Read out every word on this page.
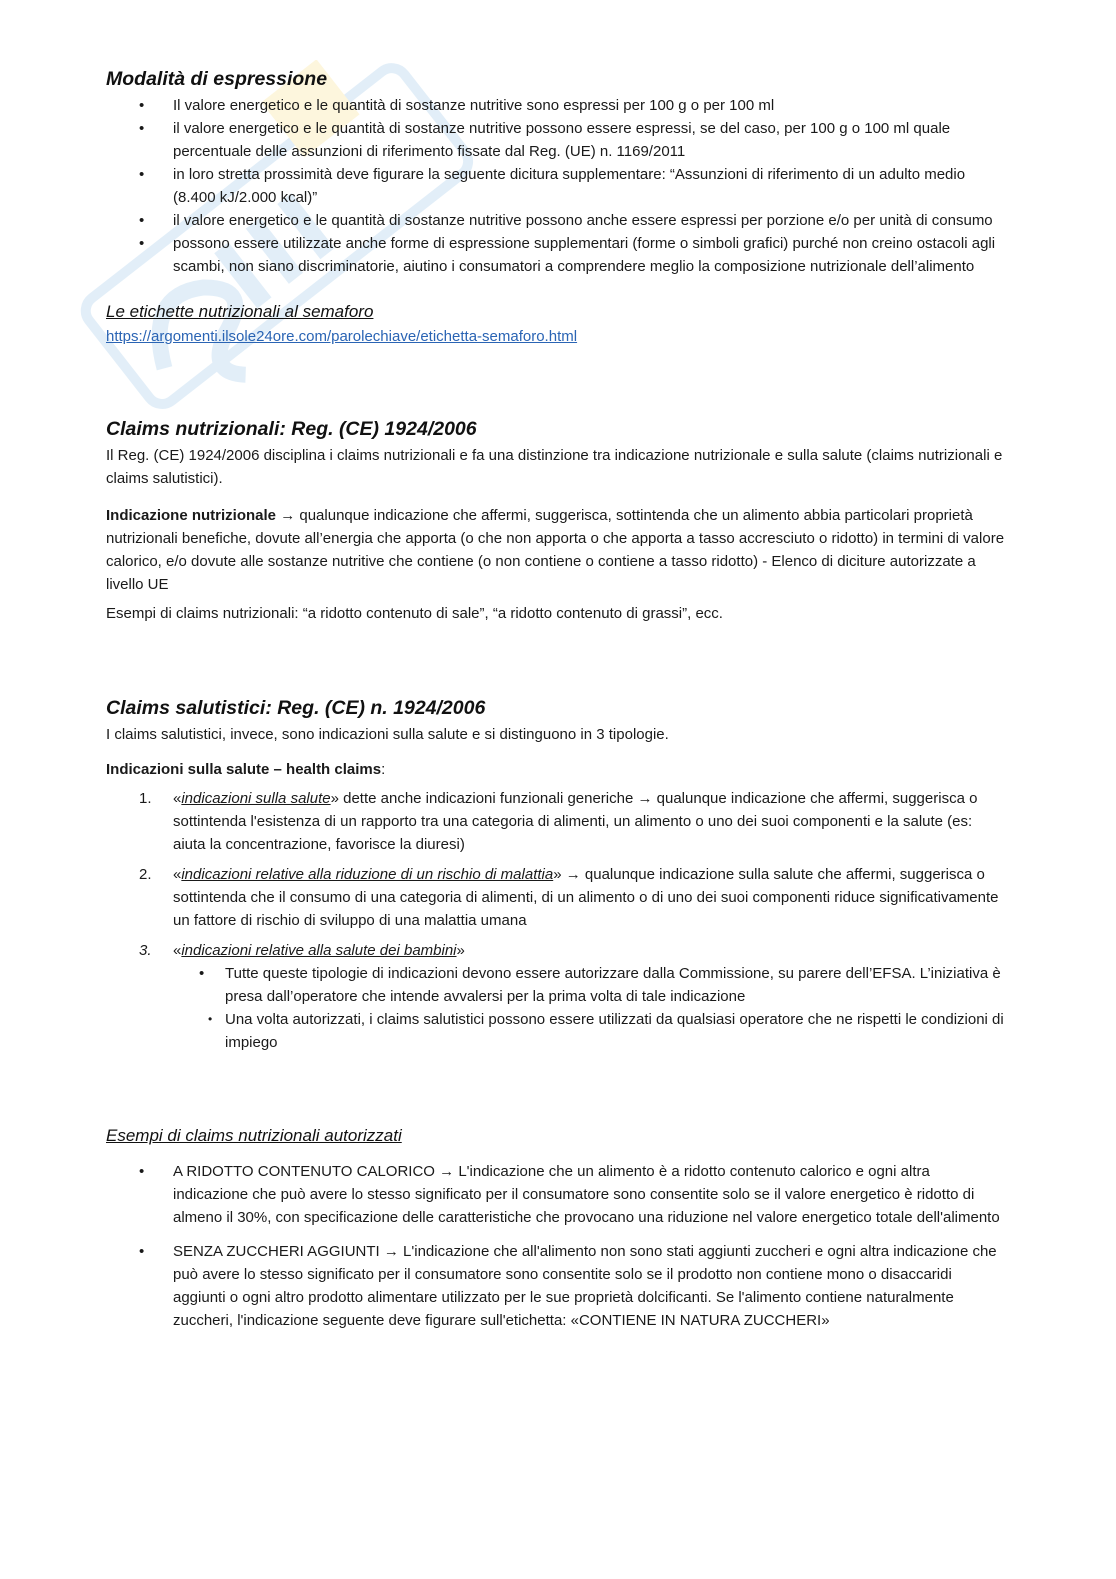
Modalità di espressione
• Il valore energetico e le quantità di sostanze nutritive sono espressi per 100 g o per 100 ml
• il valore energetico e le quantità di sostanze nutritive possono essere espressi, se del caso, per 100 g o 100 ml quale percentuale delle assunzioni di riferimento fissate dal Reg. (UE) n. 1169/2011
• in loro stretta prossimità deve figurare la seguente dicitura supplementare: “Assunzioni di riferimento di un adulto medio (8.400 kJ/2.000 kcal)”
• il valore energetico e le quantità di sostanze nutritive possono anche essere espressi per porzione e/o per unità di consumo
• possono essere utilizzate anche forme di espressione supplementari (forme o simboli grafici) purché non creino ostacoli agli scambi, non siano discriminatorie, aiutino i consumatori a comprendere meglio la composizione nutrizionale dell’alimento

Le etichette nutrizionali al semaforo

https://argomenti.ilsole24ore.com/parolechiave/etichetta-semaforo.html

Claims nutrizionali: Reg. (CE) 1924/2006

Il Reg. (CE) 1924/2006 disciplina i claims nutrizionali e fa una distinzione tra indicazione nutrizionale e sulla salute (claims nutrizionali e claims salutistici).

Indicazione nutrizionale → qualunque indicazione che affermi, suggerisca, sottintenda che un alimento abbia particolari proprietà nutrizionali benefiche, dovute all’energia che apporta (o che non apporta o che apporta a tasso accresciuto o ridotto) in termini di valore calorico, e/o dovute alle sostanze nutritive che contiene (o non contiene o contiene a tasso ridotto) - Elenco di diciture autorizzate a livello UE

Esempi di claims nutrizionali: “a ridotto contenuto di sale”, “a ridotto contenuto di grassi”, ecc.

Claims salutistici: Reg. (CE) n. 1924/2006

I claims salutistici, invece, sono indicazioni sulla salute e si distinguono in 3 tipologie.

Indicazioni sulla salute – health claims:

1. «indicazioni sulla salute» dette anche indicazioni funzionali generiche → qualunque indicazione che affermi, suggerisca o sottintenda l'esistenza di un rapporto tra una categoria di alimenti, un alimento o uno dei suoi componenti e la salute (es: aiuta la concentrazione, favorisce la diuresi)
2. «indicazioni relative alla riduzione di un rischio di malattia» → qualunque indicazione sulla salute che affermi, suggerisca o sottintenda che il consumo di una categoria di alimenti, di un alimento o di uno dei suoi componenti riduce significativamente un fattore di rischio di sviluppo di una malattia umana
3. «indicazioni relative alla salute dei bambini»
• Tutte queste tipologie di indicazioni devono essere autorizzare dalla Commissione, su parere dell’EFSA. L’iniziativa è presa dall’operatore che intende avvalersi per la prima volta di tale indicazione
• Una volta autorizzati, i claims salutistici possono essere utilizzati da qualsiasi operatore che ne rispetti le condizioni di impiego

Esempi di claims nutrizionali autorizzati

• A RIDOTTO CONTENUTO CALORICO → L'indicazione che un alimento è a ridotto contenuto calorico e ogni altra indicazione che può avere lo stesso significato per il consumatore sono consentite solo se il valore energetico è ridotto di almeno il 30%, con specificazione delle caratteristiche che provocano una riduzione nel valore energetico totale dell'alimento
• SENZA ZUCCHERI AGGIUNTI → L'indicazione che all'alimento non sono stati aggiunti zuccheri e ogni altra indicazione che può avere lo stesso significato per il consumatore sono consentite solo se il prodotto non contiene mono o disaccaridi aggiunti o ogni altro prodotto alimentare utilizzato per le sue proprietà dolcificanti. Se l'alimento contiene naturalmente zuccheri, l'indicazione seguente deve figurare sull'etichetta: «CONTIENE IN NATURA ZUCCHERI»
